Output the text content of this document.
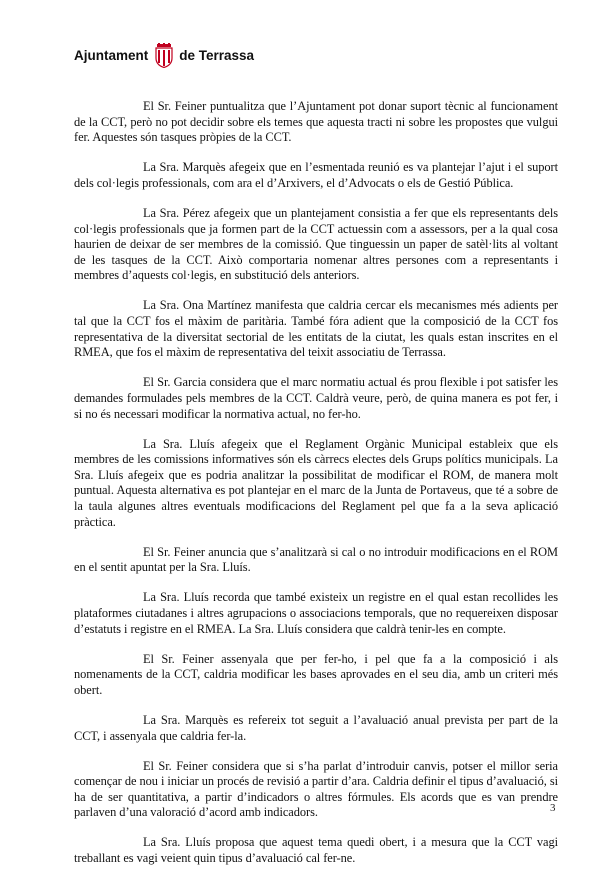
Ajuntament de Terrassa

El Sr. Feiner puntualitza que l’Ajuntament pot donar suport tècnic al funcionament de la CCT, però no pot decidir sobre els temes que aquesta tracti ni sobre les propostes que vulgui fer. Aquestes són tasques pròpies de la CCT.

La Sra. Marquès afegeix que en l’esmentada reunió es va plantejar l’ajut i el suport dels col·legis professionals, com ara el d’Arxivers, el d’Advocats o els de Gestió Pública.

La Sra. Pérez afegeix que un plantejament consistia a fer que els representants dels col·legis professionals que ja formen part de la CCT actuessin com a assessors, per a la qual cosa haurien de deixar de ser membres de la comissió. Que tinguessin un paper de satèl·lits al voltant de les tasques de la CCT. Això comportaria nomenar altres persones com a representants i membres d’aquests col·legis, en substitució dels anteriors.

La Sra. Ona Martínez manifesta que caldria cercar els mecanismes més adients per tal que la CCT fos el màxim de paritària. També fóra adient que la composició de la CCT fos representativa de la diversitat sectorial de les entitats de la ciutat, les quals estan inscrites en el RMEA, que fos el màxim de representativa del teixit associatiu de Terrassa.

El Sr. Garcia considera que el marc normatiu actual és prou flexible i pot satisfer les demandes formulades pels membres de la CCT. Caldrà veure, però, de quina manera es pot fer, i si no és necessari modificar la normativa actual, no fer-ho.

La Sra. Lluís afegeix que el Reglament Orgànic Municipal estableix que els membres de les comissions informatives són els càrrecs electes dels Grups polítics municipals. La Sra. Lluís afegeix que es podria analitzar la possibilitat de modificar el ROM, de manera molt puntual. Aquesta alternativa es pot plantejar en el marc de la Junta de Portaveus, que té a sobre de la taula algunes altres eventuals modificacions del Reglament pel que fa a la seva aplicació pràctica.

El Sr. Feiner anuncia que s’analitzarà si cal o no introduir modificacions en el ROM en el sentit apuntat per la Sra. Lluís.

La Sra. Lluís recorda que també existeix un registre en el qual estan recollides les plataformes ciutadanes i altres agrupacions o associacions temporals, que no requereixen disposar d’estatuts i registre en el RMEA. La Sra. Lluís considera que caldrà tenir-les en compte.

El Sr. Feiner assenyala que per fer-ho, i pel que fa a la composició i als nomenaments de la CCT, caldria modificar les bases aprovades en el seu dia, amb un criteri més obert.

La Sra. Marquès es refereix tot seguit a l’avaluació anual prevista per part de la CCT, i assenyala que caldria fer-la.

El Sr. Feiner considera que si s’ha parlat d’introduir canvis, potser el millor seria començar de nou i iniciar un procés de revisió a partir d’ara. Caldria definir el tipus d’avaluació, si ha de ser quantitativa, a partir d’indicadors o altres fórmules. Els acords que es van prendre parlaven d’una valoració d’acord amb indicadors.

La Sra. Lluís proposa que aquest tema quedi obert, i a mesura que la CCT vagi treballant es vagi veient quin tipus d’avaluació cal fer-ne.

3
